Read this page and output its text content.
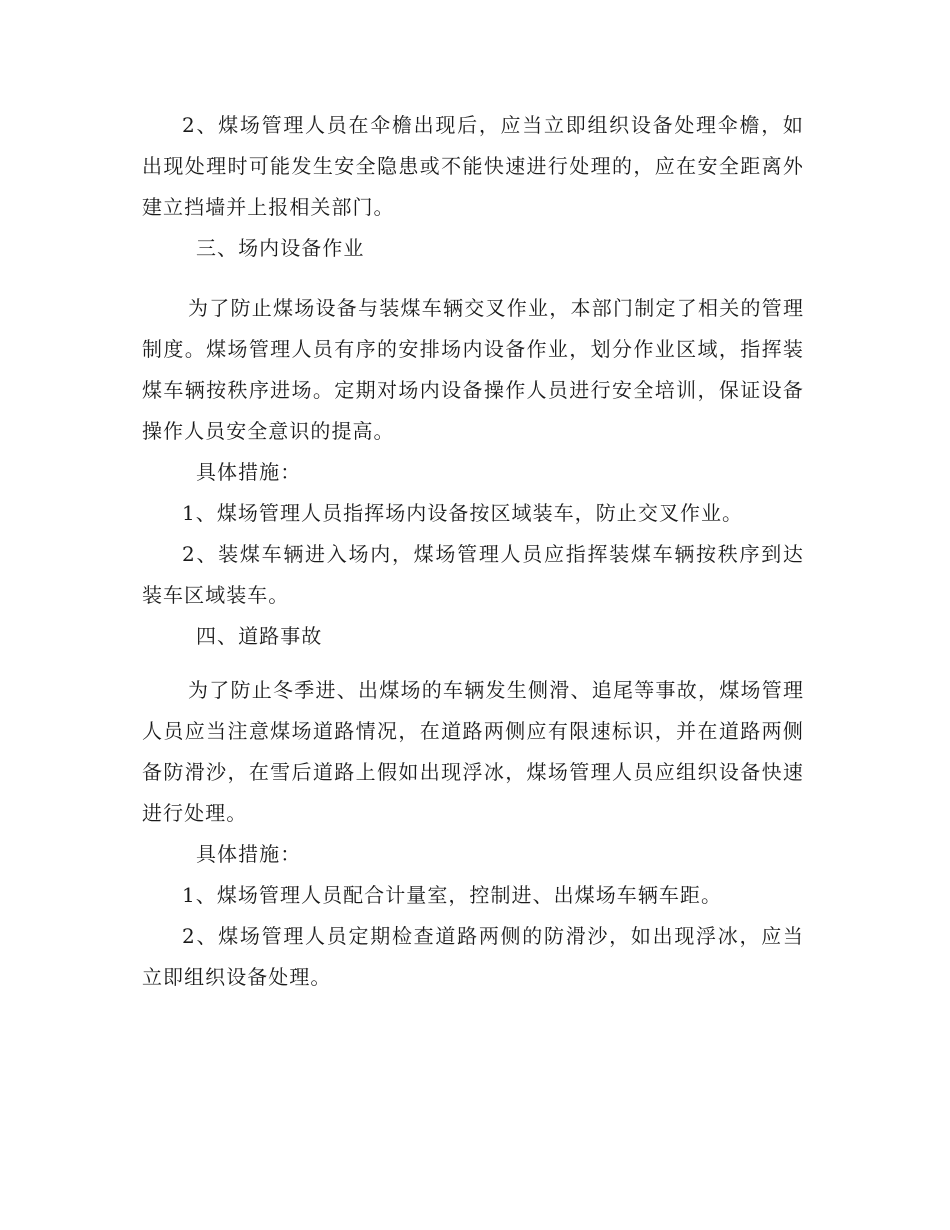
2、煤场管理人员在伞檐出现后，应当立即组织设备处理伞檐，如出现处理时可能发生安全隐患或不能快速进行处理的，应在安全距离外建立挡墙并上报相关部门。

三、场内设备作业

为了防止煤场设备与装煤车辆交叉作业，本部门制定了相关的管理制度。煤场管理人员有序的安排场内设备作业，划分作业区域，指挥装煤车辆按秩序进场。定期对场内设备操作人员进行安全培训，保证设备操作人员安全意识的提高。

具体措施：

1、煤场管理人员指挥场内设备按区域装车，防止交叉作业。

2、装煤车辆进入场内，煤场管理人员应指挥装煤车辆按秩序到达装车区域装车。

四、道路事故

为了防止冬季进、出煤场的车辆发生侧滑、追尾等事故，煤场管理人员应当注意煤场道路情况，在道路两侧应有限速标识，并在道路两侧备防滑沙，在雪后道路上假如出现浮冰，煤场管理人员应组织设备快速进行处理。

具体措施：

1、煤场管理人员配合计量室，控制进、出煤场车辆车距。

2、煤场管理人员定期检查道路两侧的防滑沙，如出现浮冰，应当立即组织设备处理。
